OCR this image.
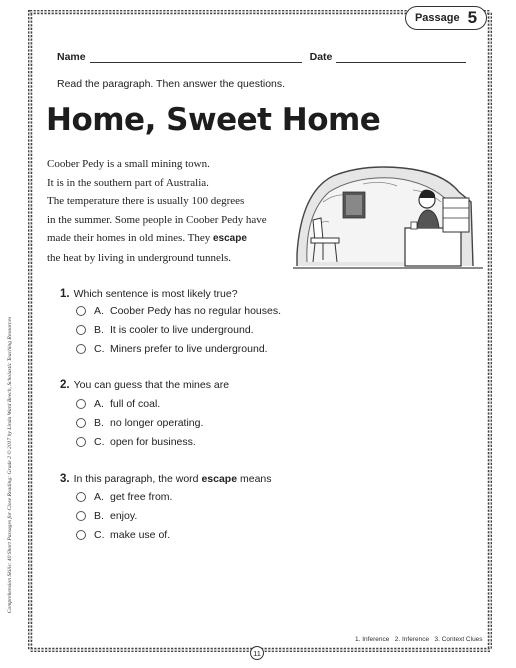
Passage 5
Name	Date
Read the paragraph. Then answer the questions.
Home, Sweet Home
Coober Pedy is a small mining town.
It is in the southern part of Australia.
The temperature there is usually 100 degrees
in the summer. Some people in Coober Pedy have
made their homes in old mines. They escape
the heat by living in underground tunnels.
1. Which sentence is most likely true?
A. Coober Pedy has no regular houses.
B. It is cooler to live underground.
C. Miners prefer to live underground.
2. You can guess that the mines are
A. full of coal.
B. no longer operating.
C. open for business.
3. In this paragraph, the word escape means
A. get free from.
B. enjoy.
C. make use of.
Comprehension Skills: 40 Short Passages for Close Reading: Grade 2 © 2017 by Linda Ward Beech, Scholastic Teaching Resources
1. Inference   2. Inference   3. Context Clues
11
